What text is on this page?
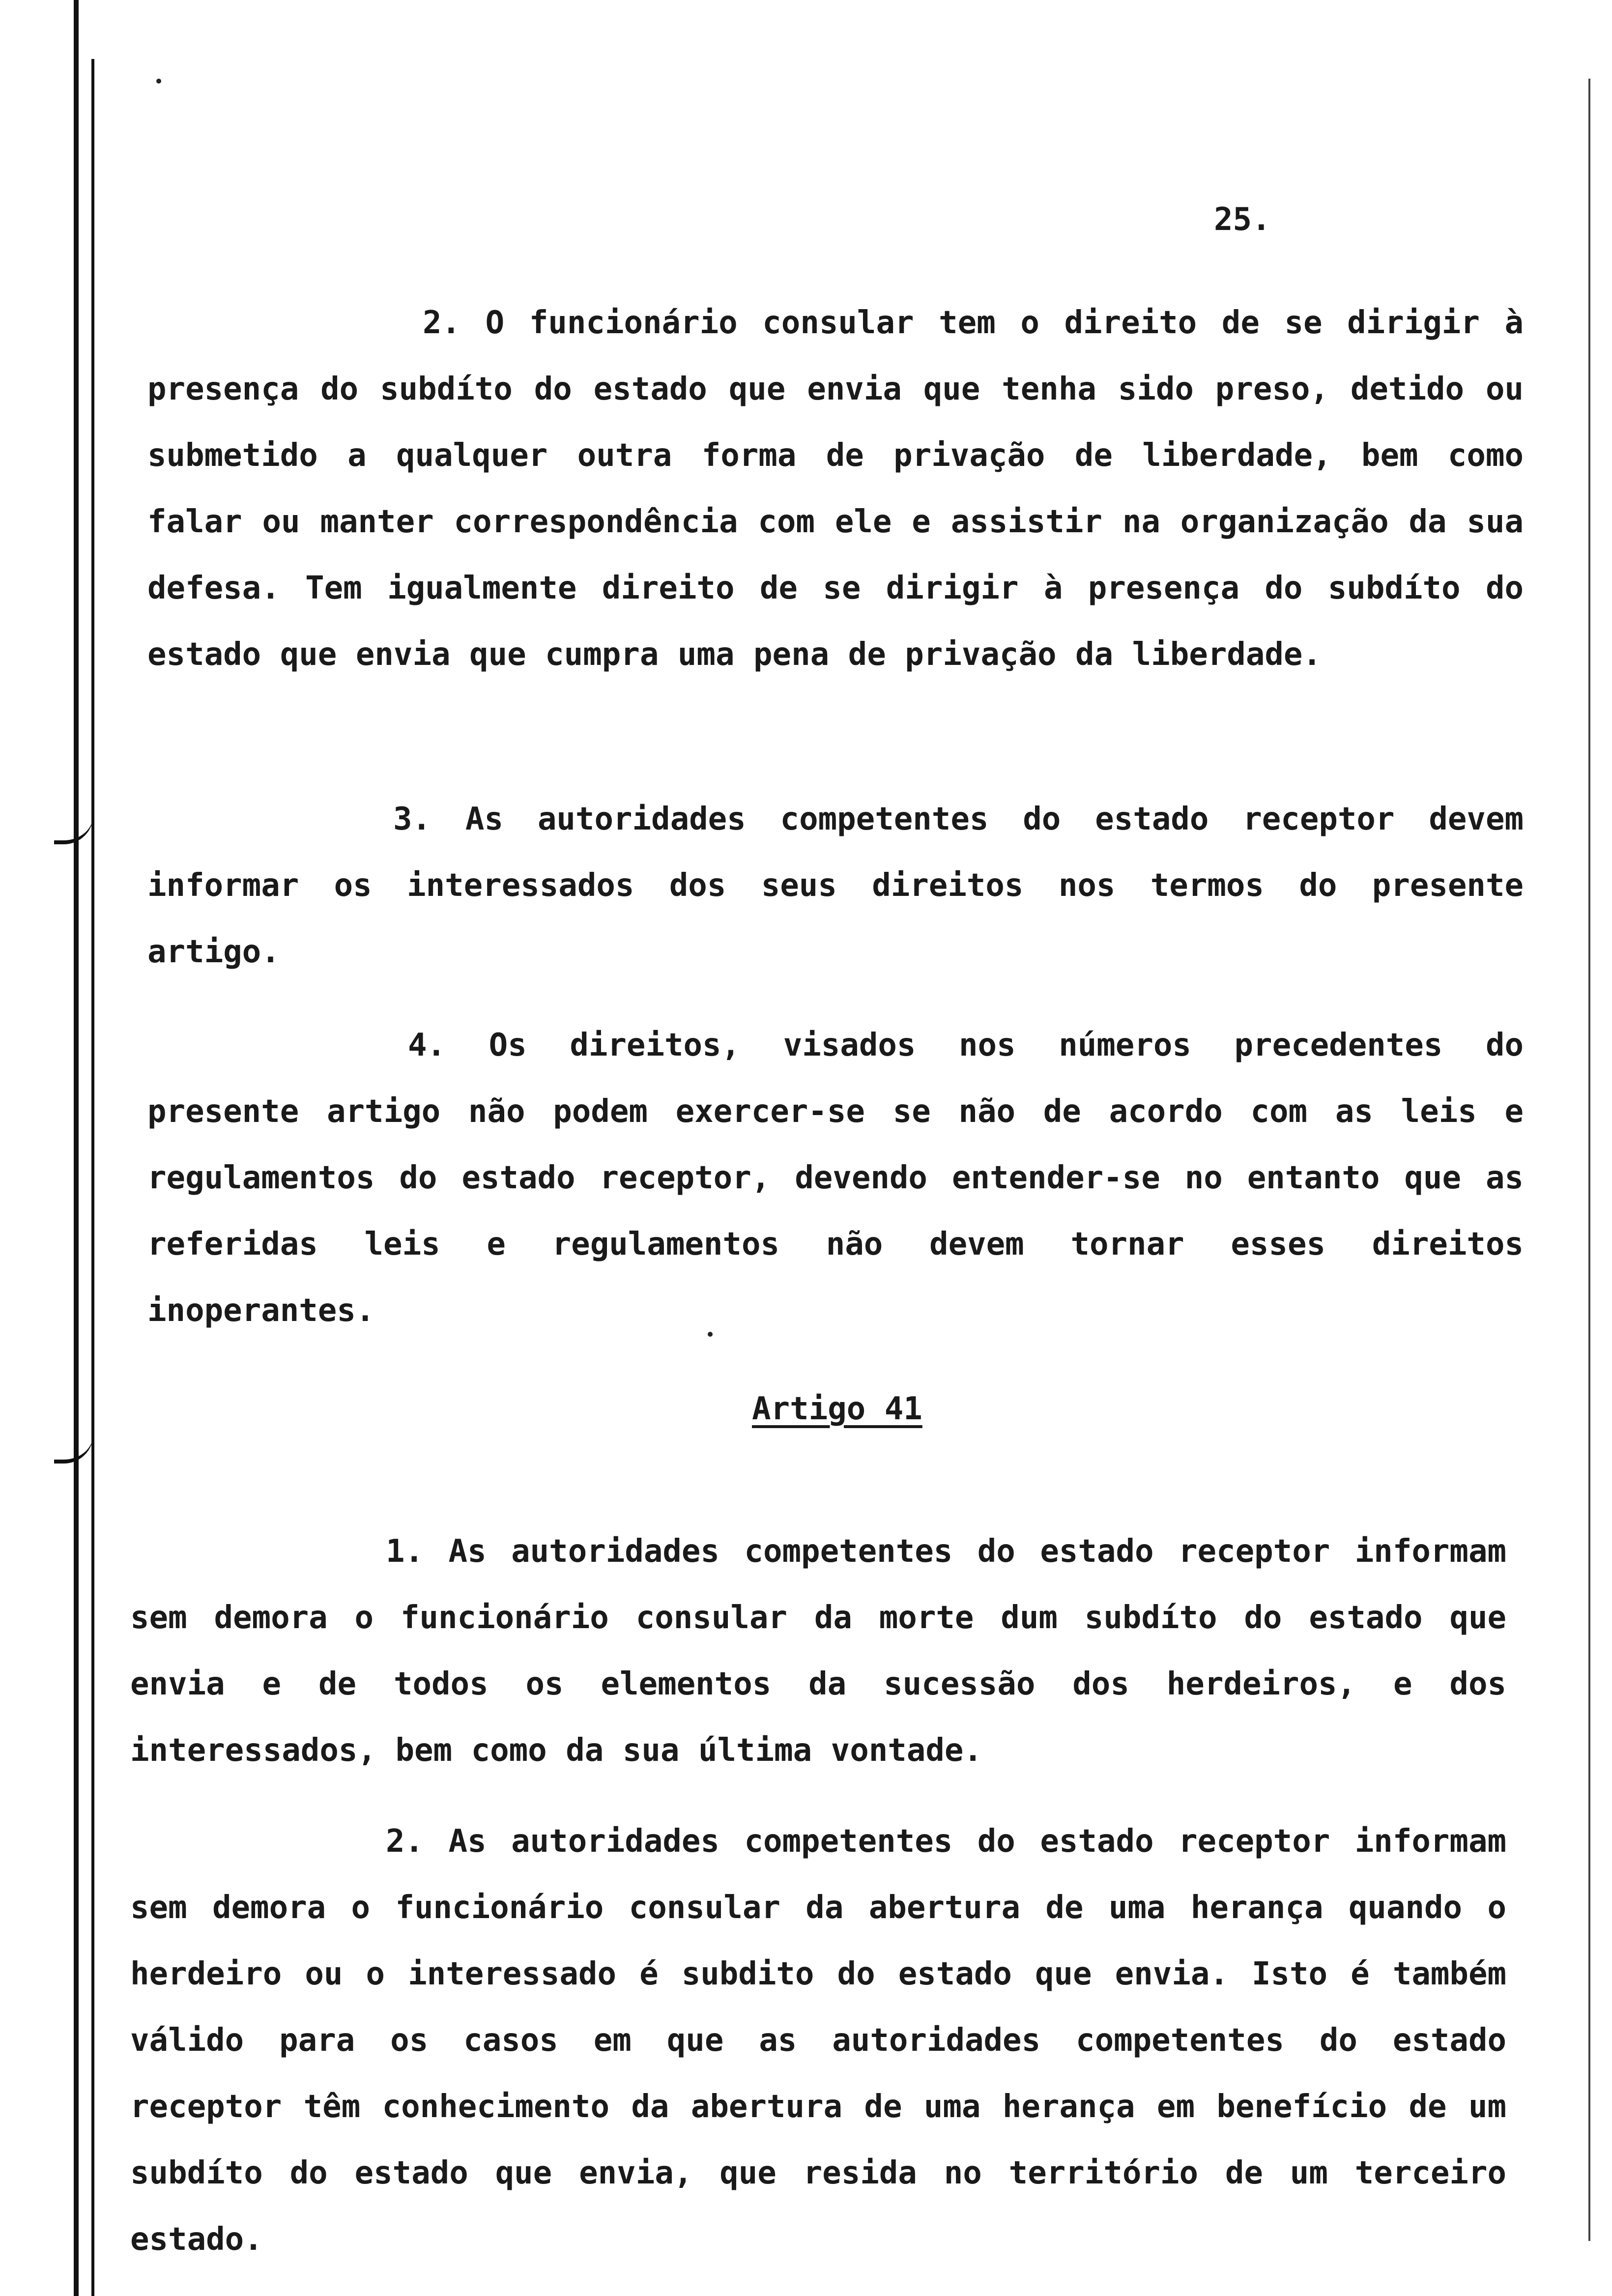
25.
2. O funcionário consular tem o direito de se dirigir à presença do subdíto do estado que envia que tenha sido preso, detido ou submetido a qualquer outra forma de privação de liberdade, bem como falar ou manter correspondência com ele e assistir na organização da sua defesa. Tem igualmente direito de se dirigir à presença do subdíto do estado que envia que cumpra uma pena de privação da liberdade.
3. As autoridades competentes do estado receptor devem informar os interessados dos seus direitos nos termos do presente artigo.
4. Os direitos, visados nos números precedentes do presente artigo não podem exercer-se se não de acordo com as leis e regulamentos do estado receptor, devendo entender-se no entanto que as referidas leis e regulamentos não devem tornar esses direitos inoperantes.
Artigo 41
1. As autoridades competentes do estado receptor informam sem demora o funcionário consular da morte dum subdíto do estado que envia e de todos os elementos da sucessão dos herdeiros, e dos interessados, bem como da sua última vontade.
2. As autoridades competentes do estado receptor informam sem demora o funcionário consular da abertura de uma herança quando o herdeiro ou o interessado é subdito do estado que envia. Isto é também válido para os casos em que as autoridades competentes do estado receptor têm conhecimento da abertura de uma herança em benefício de um subdíto do estado que envia, que resida no território de um terceiro estado.
